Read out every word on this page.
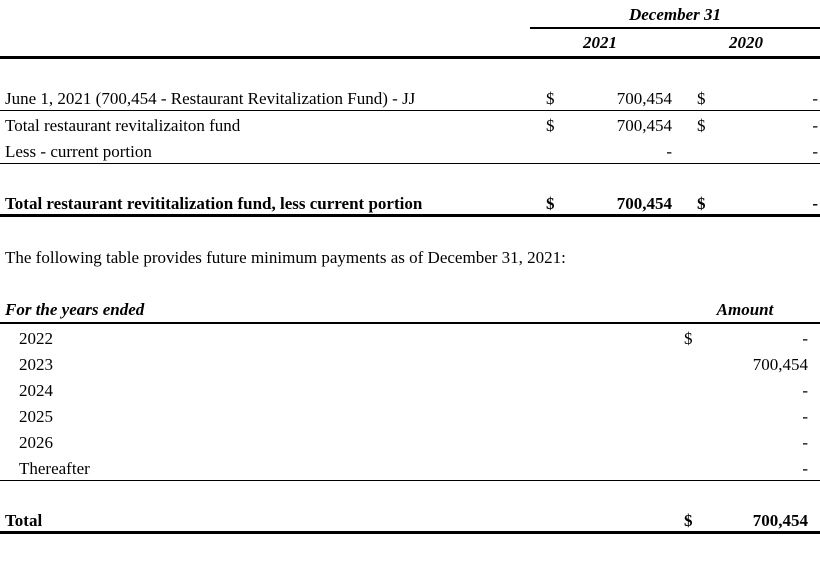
December 31
2021	2020
June 1, 2021 (700,454 - Restaurant Revitalization Fund) - JJ	$	700,454 $	-
Total restaurant revitalizaiton fund	$	700,454 $	-
Less - current portion	-	-
Total restaurant revititalization fund, less current portion	$	700,454 $	-
The following table provides future minimum payments as of December 31, 2021:
For the years ended	Amount
$
2022	-
2023	700,454
2024	-
2025	-
2026	-
Thereafter	-
Total	$	700,454
